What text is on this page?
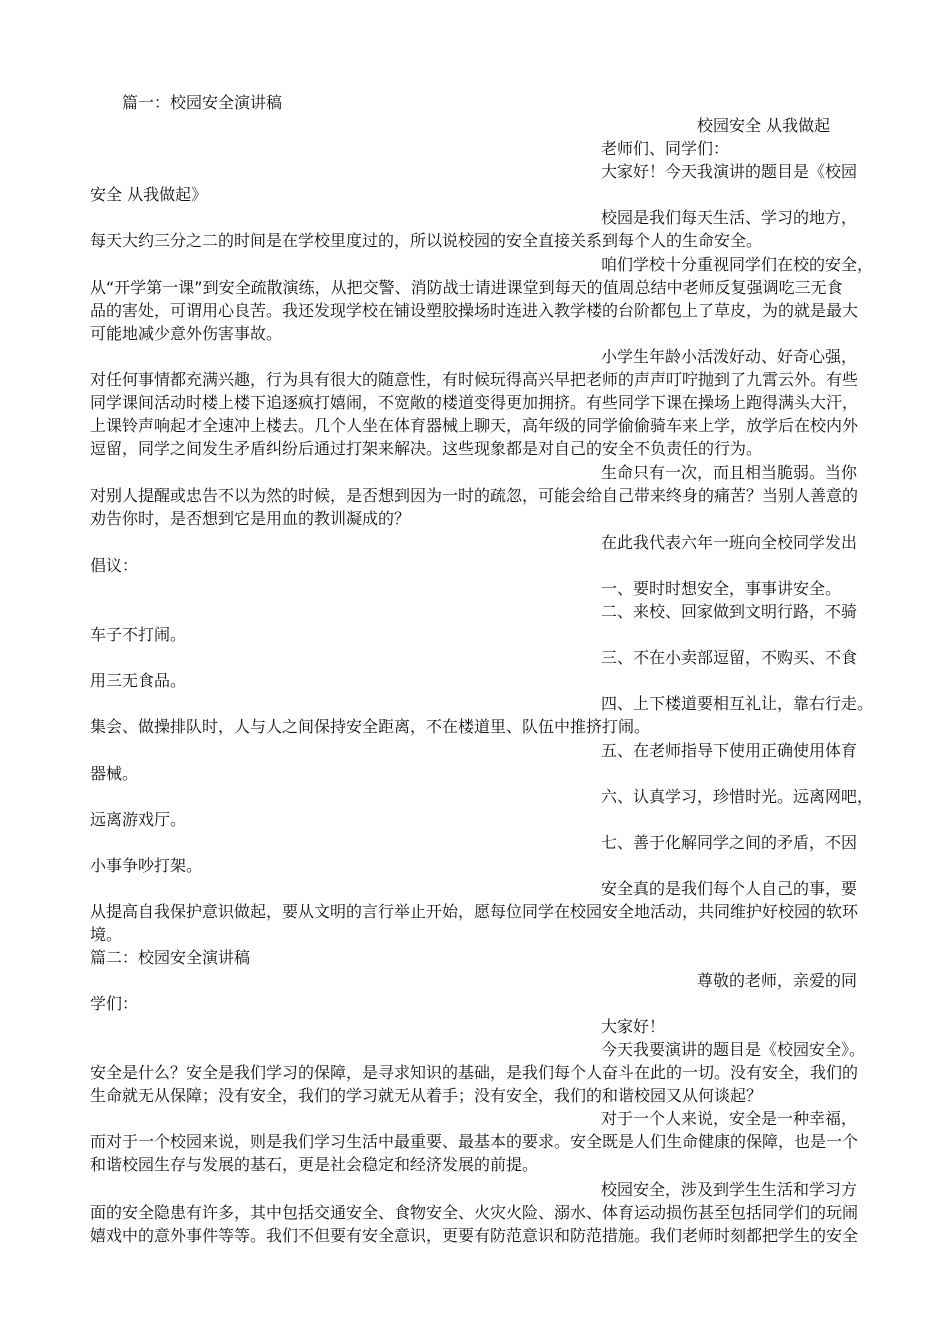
篇一：校园安全演讲稿
校园安全 从我做起
老师们、同学们：
大家好！今天我演讲的题目是《校园
安全 从我做起》
校园是我们每天生活、学习的地方，
每天大约三分之二的时间是在学校里度过的，所以说校园的安全直接关系到每个人的生命安全。
咱们学校十分重视同学们在校的安全，
从“开学第一课”到安全疏散演练，从把交警、消防战士请进课堂到每天的值周总结中老师反复强调吃三无食
品的害处，可谓用心良苦。我还发现学校在铺设塑胶操场时连进入教学楼的台阶都包上了草皮，为的就是最大
可能地减少意外伤害事故。
小学生年龄小活泼好动、好奇心强，
对任何事情都充满兴趣，行为具有很大的随意性，有时候玩得高兴早把老师的声声叮咛抛到了九霄云外。有些
同学课间活动时楼上楼下追逐疯打嬉闹，不宽敞的楼道变得更加拥挤。有些同学下课在操场上跑得满头大汗，
上课铃声响起才全速冲上楼去。几个人坐在体育器械上聊天，高年级的同学偷偷骑车来上学，放学后在校内外
逗留，同学之间发生矛盾纠纷后通过打架来解决。这些现象都是对自己的安全不负责任的行为。
生命只有一次，而且相当脆弱。当你
对别人提醒或忠告不以为然的时候，是否想到因为一时的疏忽，可能会给自己带来终身的痛苦？当别人善意的
劝告你时，是否想到它是用血的教训凝成的？
在此我代表六年一班向全校同学发出
倡议：
一、要时时想安全，事事讲安全。
二、来校、回家做到文明行路，不骑
车子不打闹。
三、不在小卖部逗留，不购买、不食
用三无食品。
四、上下楼道要相互礼让，靠右行走。
集会、做操排队时，人与人之间保持安全距离，不在楼道里、队伍中推挤打闹。
五、在老师指导下使用正确使用体育
器械。
六、认真学习，珍惜时光。远离网吧，
远离游戏厅。
七、善于化解同学之间的矛盾，不因
小事争吵打架。
安全真的是我们每个人自己的事，要
从提高自我保护意识做起，要从文明的言行举止开始，愿每位同学在校园安全地活动，共同维护好校园的软环
境。
篇二：校园安全演讲稿
尊敬的老师，亲爱的同
学们：
大家好！
今天我要演讲的题目是《校园安全》。
安全是什么？安全是我们学习的保障，是寻求知识的基础，是我们每个人奋斗在此的一切。没有安全，我们的
生命就无从保障；没有安全，我们的学习就无从着手；没有安全，我们的和谐校园又从何谈起？
对于一个人来说，安全是一种幸福，
而对于一个校园来说，则是我们学习生活中最重要、最基本的要求。安全既是人们生命健康的保障，也是一个
和谐校园生存与发展的基石，更是社会稳定和经济发展的前提。
校园安全，涉及到学生生活和学习方
面的安全隐患有许多，其中包括交通安全、食物安全、火灾火险、溺水、体育运动损伤甚至包括同学们的玩闹
嬉戏中的意外事件等等。我们不但要有安全意识，更要有防范意识和防范措施。我们老师时刻都把学生的安全
